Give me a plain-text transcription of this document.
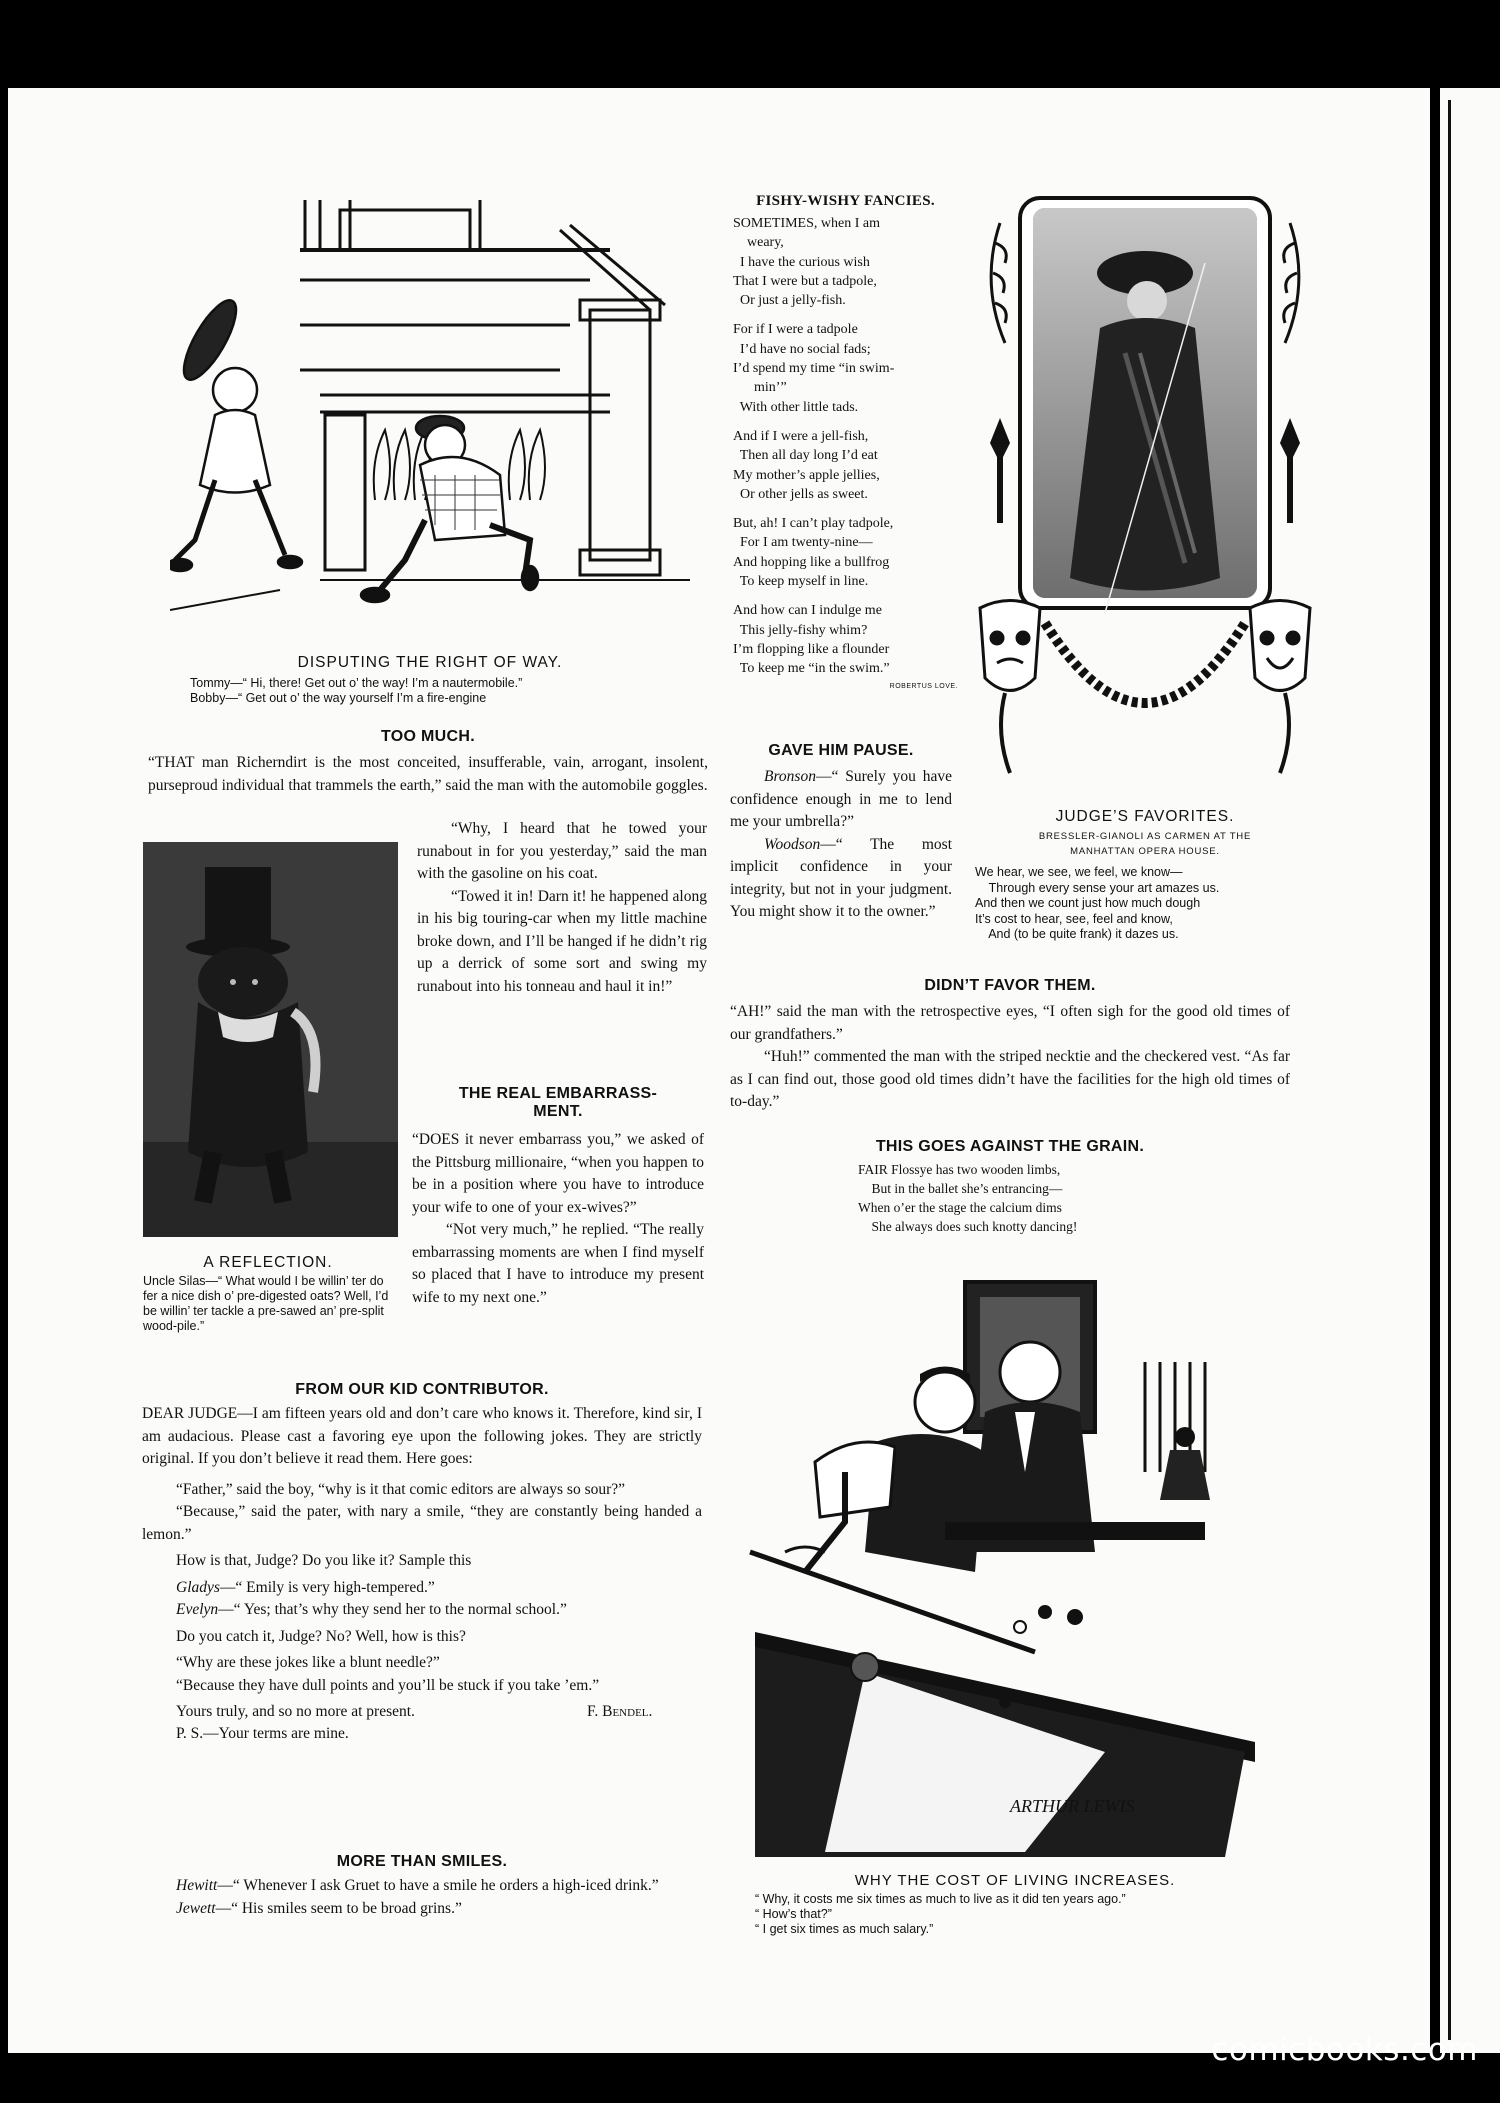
comicbooks.com

DISPUTING THE RIGHT OF WAY.

Tommy—“ Hi, there! Get out o’ the way! I’m a nautermobile.”

Bobby—“ Get out o’ the way yourself I’m a fire-engine

TOO MUCH.

“THAT man Richerndirt is the most conceited, insufferable, vain, arrogant, insolent, purseproud individual that trammels the earth,” said the man with the automobile goggles.

“Why, I heard that he towed your runabout in for you yesterday,” said the man with the gasoline on his coat.

“Towed it in! Darn it! he happened along in his big touring-car when my little machine broke down, and I’ll be hanged if he didn’t rig up a derrick of some sort and swing my runabout into his tonneau and haul it in!”

A REFLECTION.

Uncle Silas—“ What would I be willin’ ter do fer a nice dish o’ pre-digested oats? Well, I’d be willin’ ter tackle a pre-sawed an’ pre-split wood-pile.”

THE REAL EMBARRASS-

MENT.

“DOES it never embarrass you,” we asked of the Pittsburg millionaire, “when you happen to be in a position where you have to introduce your wife to one of your ex-wives?”

“Not very much,” he replied. “The really embarrassing moments are when I find myself so placed that I have to introduce my present wife to my next one.”

FROM OUR KID CONTRIBUTOR.

DEAR JUDGE—I am fifteen years old and don’t care who knows it. Therefore, kind sir, I am audacious. Please cast a favoring eye upon the following jokes. They are strictly original. If you don’t believe it read them. Here goes:

“Father,” said the boy, “why is it that comic editors are always so sour?”

“Because,” said the pater, with nary a smile, “they are constantly being handed a lemon.”

How is that, Judge? Do you like it? Sample this

Gladys—“ Emily is very high-tempered.”

Evelyn—“ Yes; that’s why they send her to the normal school.”

Do you catch it, Judge? No? Well, how is this?

“Why are these jokes like a blunt needle?”

“Because they have dull points and you’ll be stuck if you take ’em.”

Yours truly, and so no more at present.	F. Bendel.

P. S.—Your terms are mine.

MORE THAN SMILES.

Hewitt—“ Whenever I ask Gruet to have a smile he orders a high-iced drink.”

Jewett—“ His smiles seem to be broad grins.”

FISHY-WISHY FANCIES.

SOMETIMES, when I am
weary,
I have the curious wish
That I were but a tadpole,
Or just a jelly-fish.
For if I were a tadpole
I’d have no social fads;
I’d spend my time “in swim-
min’”
With other little tads.
And if I were a jell-fish,
Then all day long I’d eat
My mother’s apple jellies,
Or other jells as sweet.
But, ah! I can’t play tadpole,
For I am twenty-nine—
And hopping like a bullfrog
To keep myself in line.
And how can I indulge me
This jelly-fishy whim?
I’m flopping like a flounder
To keep me “in the swim.”

ROBERTUS LOVE.

GAVE HIM PAUSE.

Bronson—“ Surely you have confidence enough in me to lend me your umbrella?”

Woodson—“ The most implicit confidence in your integrity, but not in your judgment. You might show it to the owner.”

JUDGE’S FAVORITES.

BRESSLER-GIANOLI AS CARMEN AT THE

MANHATTAN OPERA HOUSE.

We hear, we see, we feel, we know—
Through every sense your art amazes us.
And then we count just how much dough
It’s cost to hear, see, feel and know,
And (to be quite frank) it dazes us.

DIDN’T FAVOR THEM.

“AH!” said the man with the retrospective eyes, “I often sigh for the good old times of our grandfathers.”

“Huh!” commented the man with the striped necktie and the checkered vest. “As far as I can find out, those good old times didn’t have the facilities for the high old times of to-day.”

THIS GOES AGAINST THE GRAIN.

FAIR Flossye has two wooden limbs,
But in the ballet she’s entrancing—
When o’er the stage the calcium dims
She always does such knotty dancing!
ARTHUR LEWIS

WHY THE COST OF LIVING INCREASES.

“ Why, it costs me six times as much to live as it did ten years ago.”

“ How’s that?”

“ I get six times as much salary.”
